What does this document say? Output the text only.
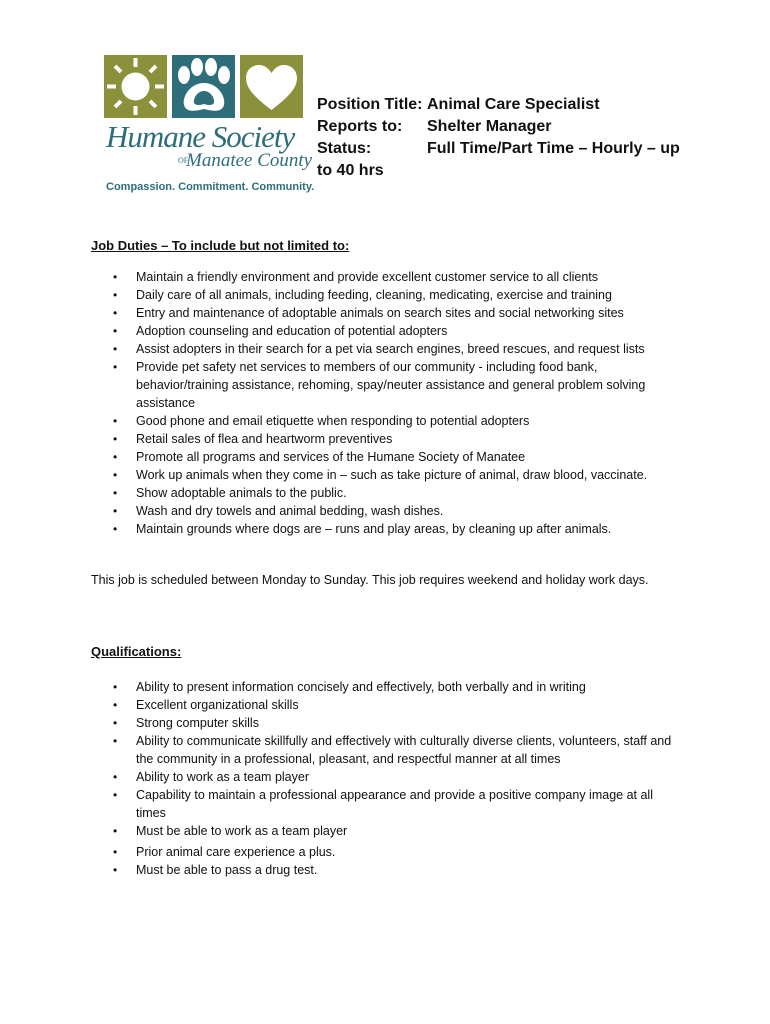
Humane Society
OF
Manatee County
Compassion. Commitment. Community.
Position Title: Animal Care Specialist
Reports to:	Shelter Manager
Status:	Full Time/Part Time – Hourly – up
to 40 hrs
Job Duties – To include but not limited to:
• Maintain a friendly environment and provide excellent customer service to all clients
• Daily care of all animals, including feeding, cleaning, medicating, exercise and training
• Entry and maintenance of adoptable animals on search sites and social networking sites
• Adoption counseling and education of potential adopters
• Assist adopters in their search for a pet via search engines, breed rescues, and request lists
• Provide pet safety net services to members of our community - including food bank, behavior/training assistance, rehoming, spay/neuter assistance and general problem solving assistance
• Good phone and email etiquette when responding to potential adopters
• Retail sales of flea and heartworm preventives
• Promote all programs and services of the Humane Society of Manatee
• Work up animals when they come in – such as take picture of animal, draw blood, vaccinate.
• Show adoptable animals to the public.
• Wash and dry towels and animal bedding, wash dishes.
• Maintain grounds where dogs are – runs and play areas, by cleaning up after animals.
This job is scheduled between Monday to Sunday. This job requires weekend and holiday work days.
Qualifications:
• Ability to present information concisely and effectively, both verbally and in writing
• Excellent organizational skills
• Strong computer skills
• Ability to communicate skillfully and effectively with culturally diverse clients, volunteers, staff and the community in a professional, pleasant, and respectful manner at all times
• Ability to work as a team player
• Capability to maintain a professional appearance and provide a positive company image at all times
• Must be able to work as a team player
• Prior animal care experience a plus.
• Must be able to pass a drug test.
